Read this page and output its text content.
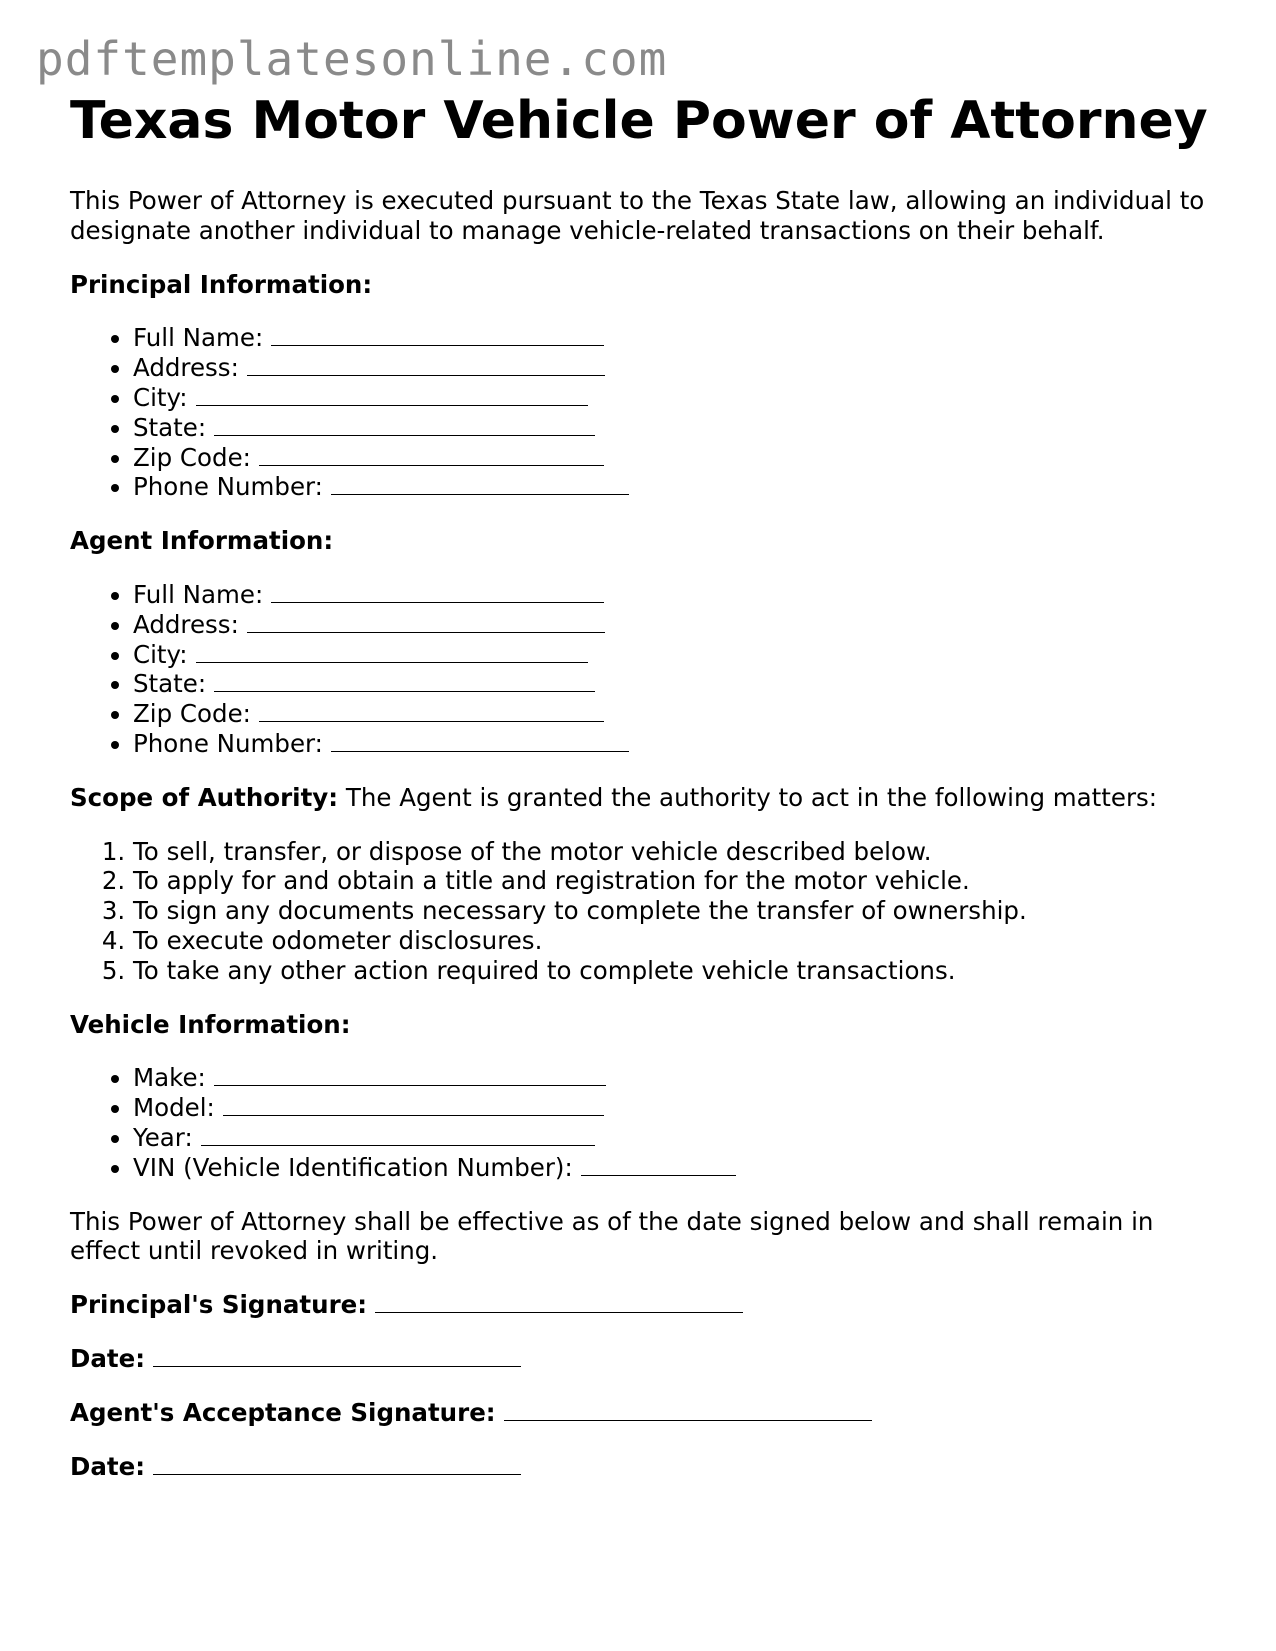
pdftemplatesonline.com
Texas Motor Vehicle Power of Attorney

This Power of Attorney is executed pursuant to the Texas State law, allowing an individual to designate another individual to manage vehicle-related transactions on their behalf.

Principal Information:
• Full Name:
• Address:
• City:
• State:
• Zip Code:
• Phone Number:
Agent Information:
• Full Name:
• Address:
• City:
• State:
• Zip Code:
• Phone Number:

Scope of Authority: The Agent is granted the authority to act in the following matters:

1. To sell, transfer, or dispose of the motor vehicle described below.
2. To apply for and obtain a title and registration for the motor vehicle.
3. To sign any documents necessary to complete the transfer of ownership.
4. To execute odometer disclosures.
5. To take any other action required to complete vehicle transactions.
Vehicle Information:
• Make:
• Model:
• Year:
• VIN (Vehicle Identification Number):

This Power of Attorney shall be effective as of the date signed below and shall remain in effect until revoked in writing.

Principal's Signature:

Date:

Agent's Acceptance Signature:

Date:
